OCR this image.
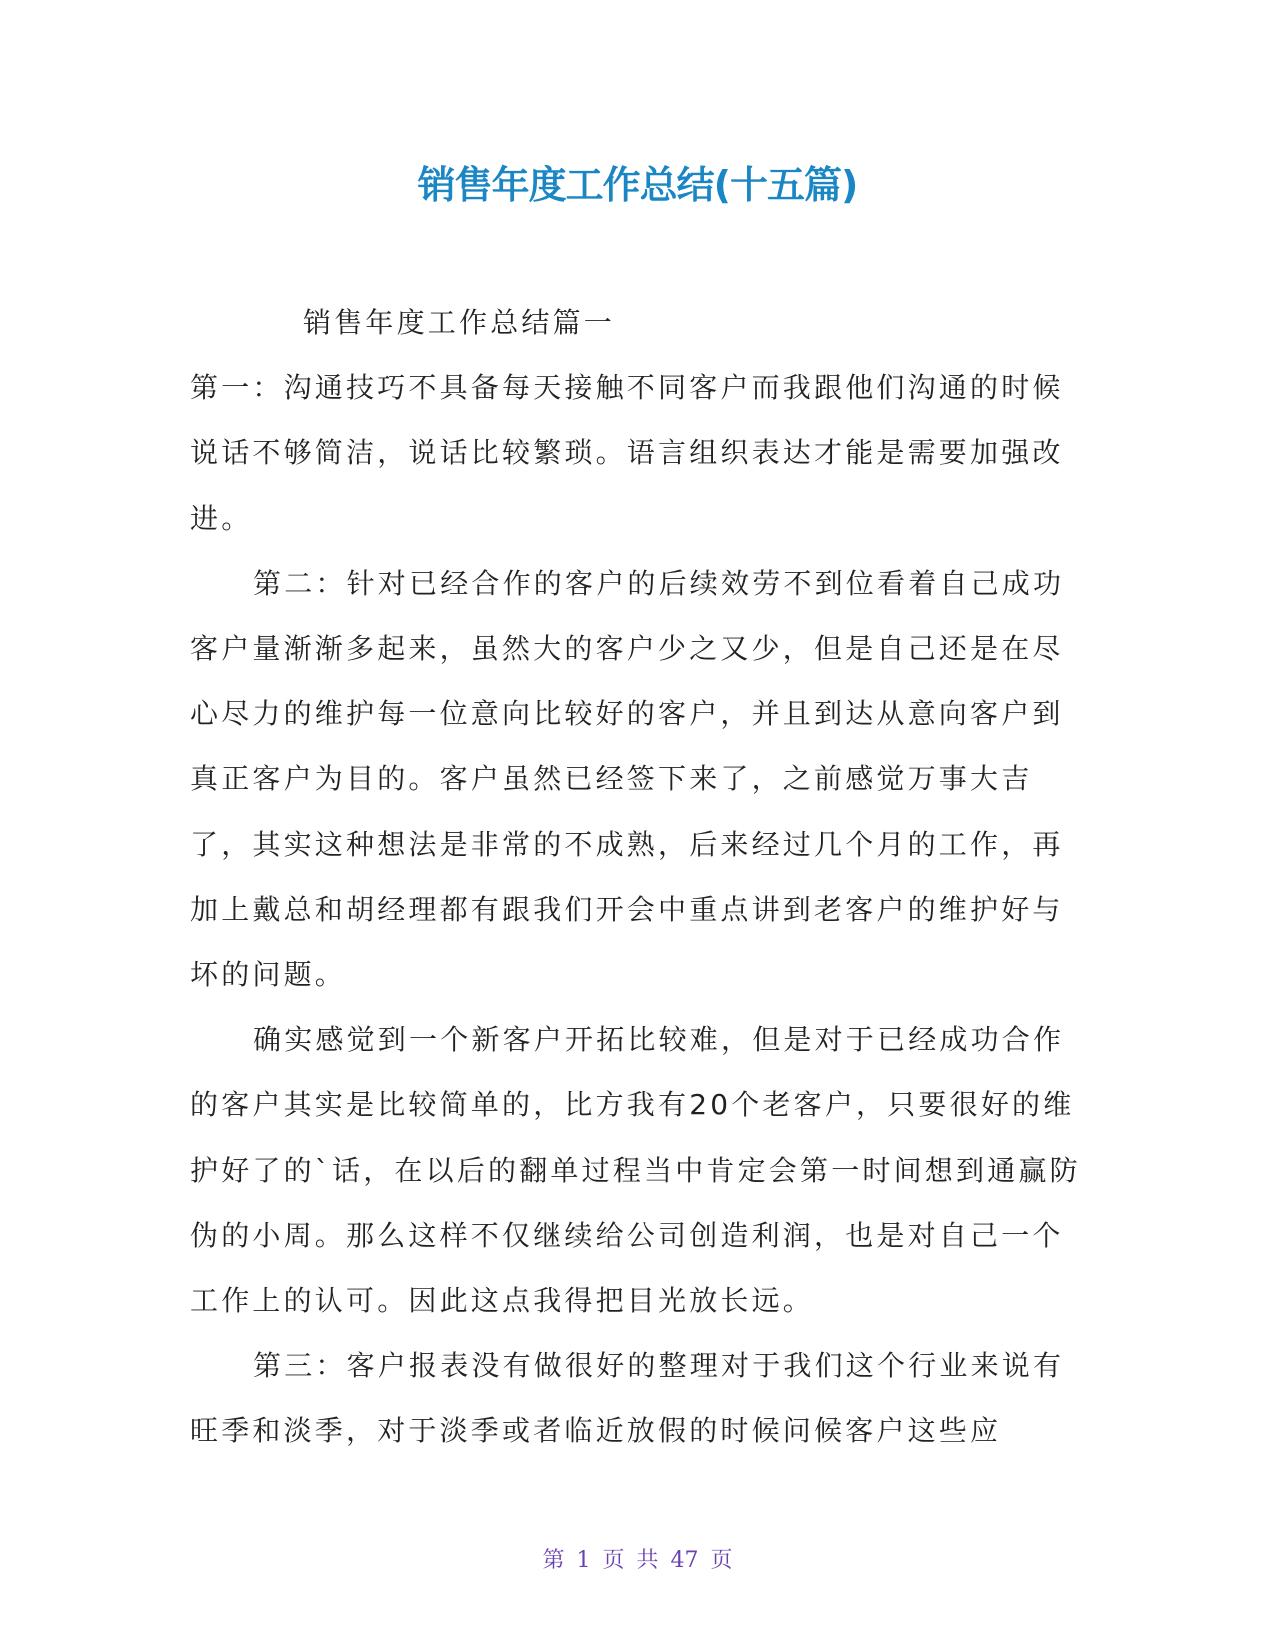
销售年度工作总结(十五篇)

销售年度工作总结篇一

第一：沟通技巧不具备每天接触不同客户而我跟他们沟通的时候说话不够简洁，说话比较繁琐。语言组织表达才能是需要加强改进。

第二：针对已经合作的客户的后续效劳不到位看着自己成功客户量渐渐多起来，虽然大的客户少之又少，但是自己还是在尽心尽力的维护每一位意向比较好的客户，并且到达从意向客户到真正客户为目的。客户虽然已经签下来了，之前感觉万事大吉了，其实这种想法是非常的不成熟，后来经过几个月的工作，再加上戴总和胡经理都有跟我们开会中重点讲到老客户的维护好与坏的问题。

确实感觉到一个新客户开拓比较难，但是对于已经成功合作的客户其实是比较简单的，比方我有20个老客户，只要很好的维护好了的`话，在以后的翻单过程当中肯定会第一时间想到通赢防伪的小周。那么这样不仅继续给公司创造利润，也是对自己一个工作上的认可。因此这点我得把目光放长远。

第三：客户报表没有做很好的整理对于我们这个行业来说有旺季和淡季，对于淡季或者临近放假的时候问候客户这些应

第 1 页 共 47 页
